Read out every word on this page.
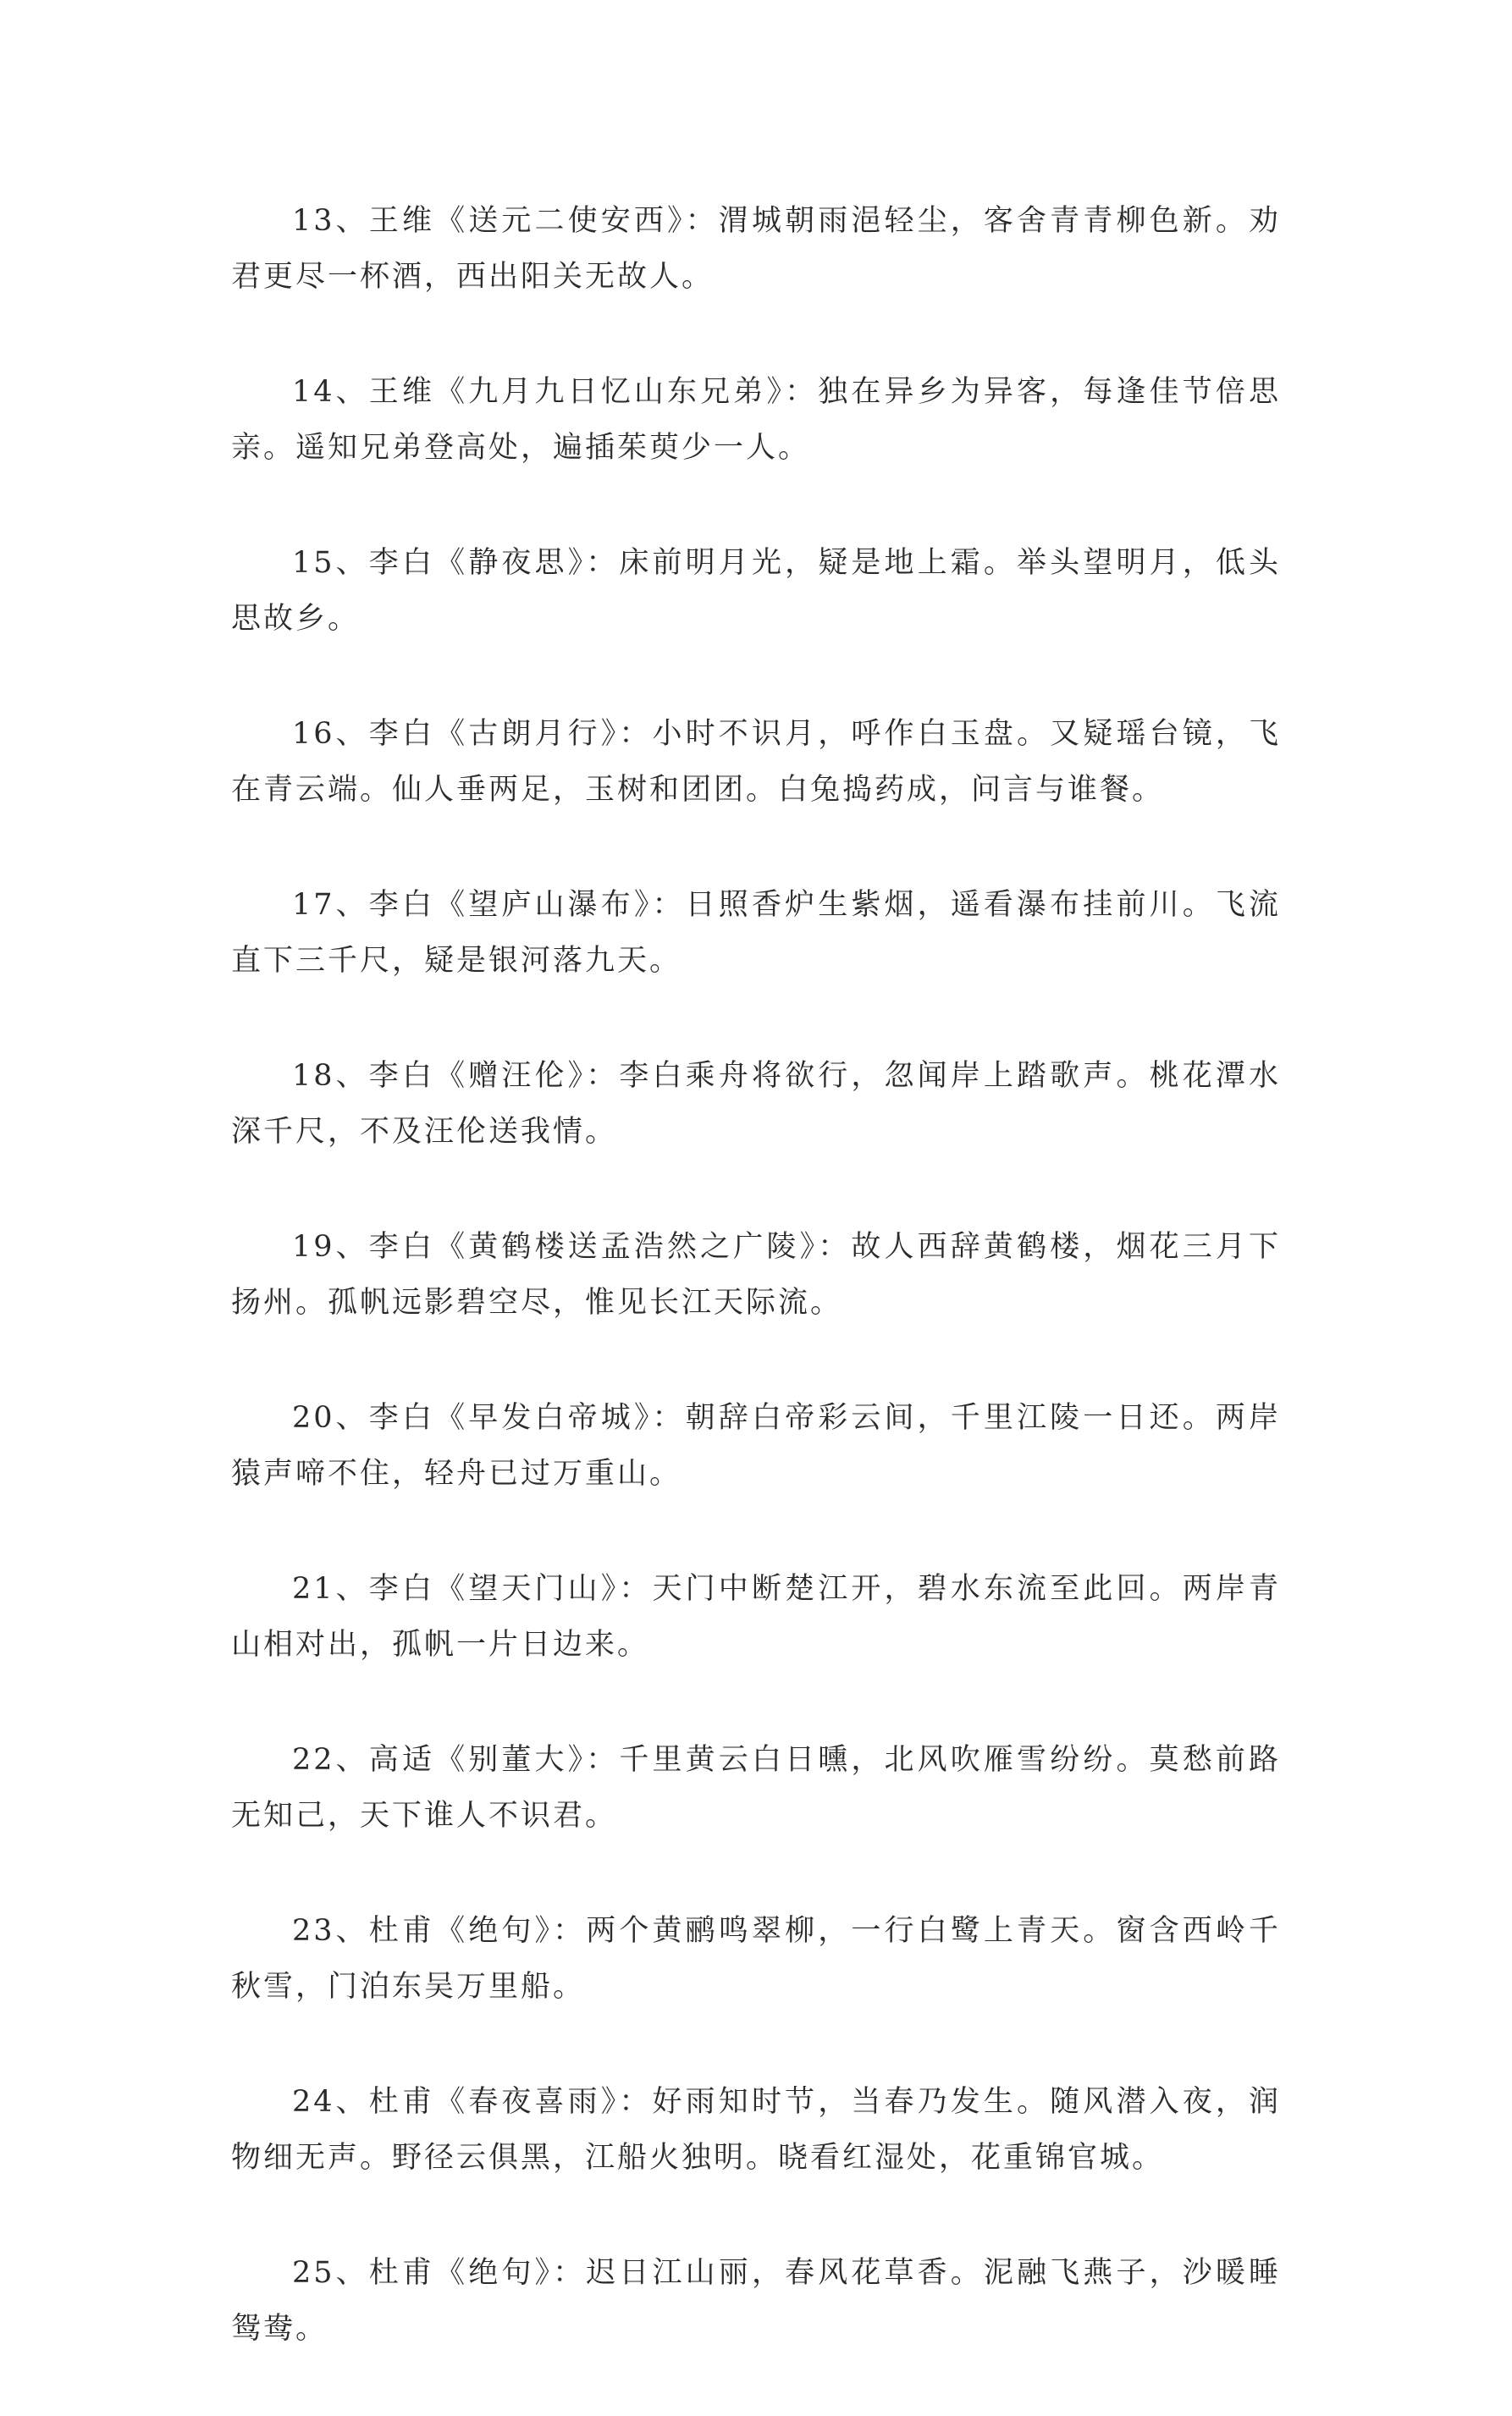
13、王维《送元二使安西》：渭城朝雨浥轻尘，客舍青青柳色新。劝君更尽一杯酒，西出阳关无故人。

14、王维《九月九日忆山东兄弟》：独在异乡为异客，每逢佳节倍思亲。遥知兄弟登高处，遍插茱萸少一人。

15、李白《静夜思》：床前明月光，疑是地上霜。举头望明月，低头思故乡。

16、李白《古朗月行》：小时不识月，呼作白玉盘。又疑瑶台镜，飞在青云端。仙人垂两足，玉树和团团。白兔捣药成，问言与谁餐。

17、李白《望庐山瀑布》：日照香炉生紫烟，遥看瀑布挂前川。飞流直下三千尺，疑是银河落九天。

18、李白《赠汪伦》：李白乘舟将欲行，忽闻岸上踏歌声。桃花潭水深千尺，不及汪伦送我情。

19、李白《黄鹤楼送孟浩然之广陵》：故人西辞黄鹤楼，烟花三月下扬州。孤帆远影碧空尽，惟见长江天际流。

20、李白《早发白帝城》：朝辞白帝彩云间，千里江陵一日还。两岸猿声啼不住，轻舟已过万重山。

21、李白《望天门山》：天门中断楚江开，碧水东流至此回。两岸青山相对出，孤帆一片日边来。

22、高适《别董大》：千里黄云白日曛，北风吹雁雪纷纷。莫愁前路无知己，天下谁人不识君。

23、杜甫《绝句》：两个黄鹂鸣翠柳，一行白鹭上青天。窗含西岭千秋雪，门泊东吴万里船。

24、杜甫《春夜喜雨》：好雨知时节，当春乃发生。随风潜入夜，润物细无声。野径云俱黑，江船火独明。晓看红湿处，花重锦官城。

25、杜甫《绝句》：迟日江山丽，春风花草香。泥融飞燕子，沙暖睡鸳鸯。
